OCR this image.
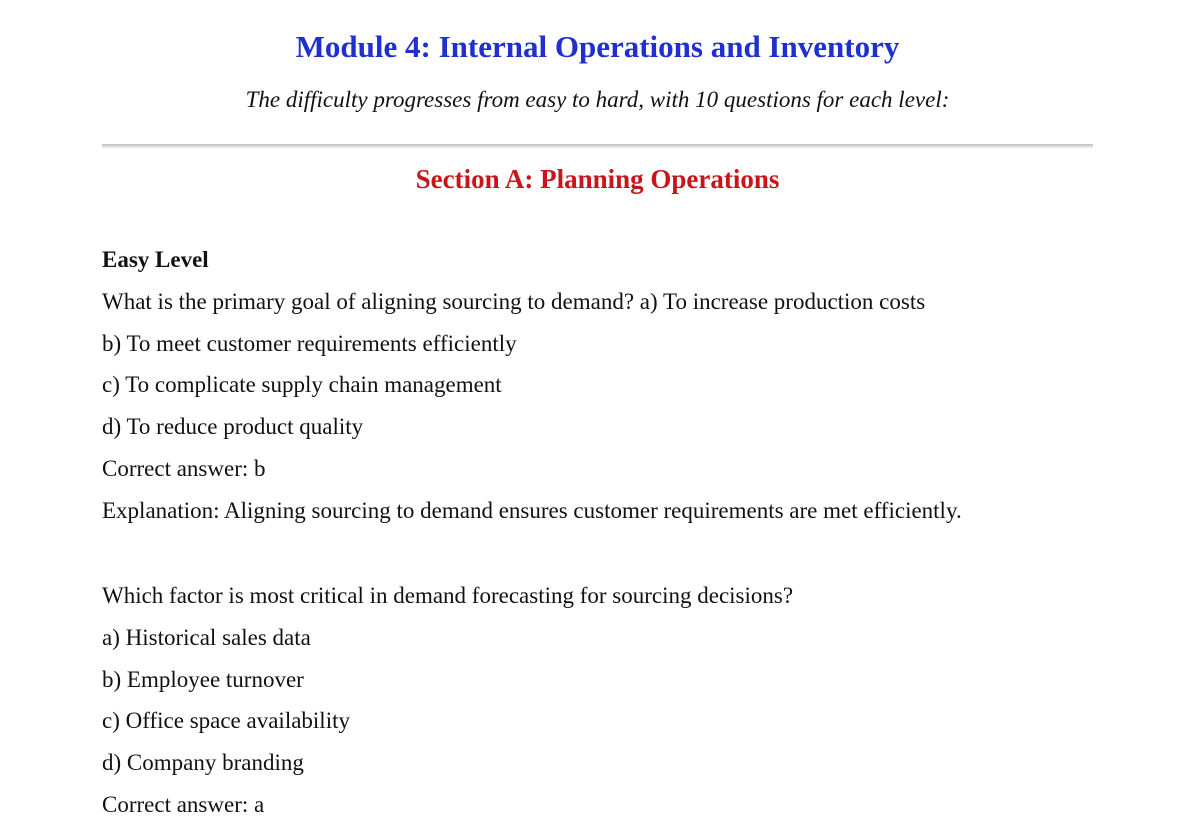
Module 4: Internal Operations and Inventory
The difficulty progresses from easy to hard, with 10 questions for each level:
Section A: Planning Operations
Easy Level
What is the primary goal of aligning sourcing to demand? a) To increase production costs
b) To meet customer requirements efficiently
c) To complicate supply chain management
d) To reduce product quality
Correct answer: b
Explanation: Aligning sourcing to demand ensures customer requirements are met efficiently.
Which factor is most critical in demand forecasting for sourcing decisions?
a) Historical sales data
b) Employee turnover
c) Office space availability
d) Company branding
Correct answer: a
